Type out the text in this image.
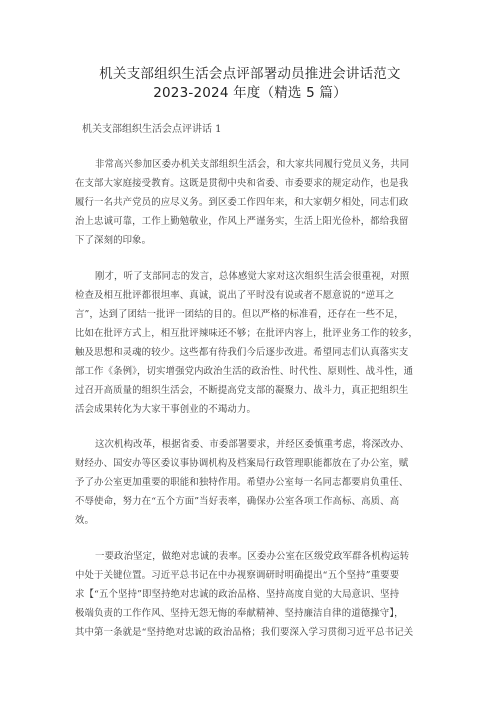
机关支部组织生活会点评部署动员推进会讲话范文
2023-2024 年度（精选 5 篇）
机关支部组织生活会点评讲话 1
非常高兴参加区委办机关支部组织生活会，和大家共同履行党员义务，共同
在支部大家庭接受教育。这既是贯彻中央和省委、市委要求的规定动作，也是我
履行一名共产党员的应尽义务。到区委工作四年来，和大家朝夕相处，同志们政
治上忠诚可靠，工作上勤勉敬业，作风上严谨务实，生活上阳光俭朴，都给我留
下了深刻的印象。
刚才，听了支部同志的发言，总体感觉大家对这次组织生活会很重视，对照
检查及相互批评都很坦率、真诚，说出了平时没有说或者不愿意说的“逆耳之
言”，达到了团结一批评一团结的目的。但以严格的标准看，还存在一些不足，
比如在批评方式上，相互批评辣味还不够；在批评内容上，批评业务工作的较多，
触及思想和灵魂的较少。这些都有待我们今后逐步改进。希望同志们认真落实支
部工作《条例》，切实增强党内政治生活的政治性、时代性、原则性、战斗性，通
过召开高质量的组织生活会，不断提高党支部的凝聚力、战斗力，真正把组织生
活会成果转化为大家干事创业的不竭动力。
这次机构改革，根据省委、市委部署要求，并经区委慎重考虑，将深改办、
财经办、国安办等区委议事协调机构及档案局行政管理职能都放在了办公室，赋
予了办公室更加重要的职能和独特作用。希望办公室每一名同志都要肩负重任、
不辱使命，努力在“五个方面”当好表率，确保办公室各项工作高标、高质、高
效。
一要政治坚定，做绝对忠诚的表率。区委办公室在区级党政军群各机构运转
中处于关键位置。习近平总书记在中办视察调研时明确提出“五个坚持”重要要
求【“五个坚持”即坚持绝对忠诚的政治品格、坚持高度自觉的大局意识、坚持
极端负责的工作作风、坚持无怨无悔的奉献精神、坚持廉洁自律的道德操守】，
其中第一条就是“坚持绝对忠诚的政治品格；我们要深入学习贯彻习近平总书记关
